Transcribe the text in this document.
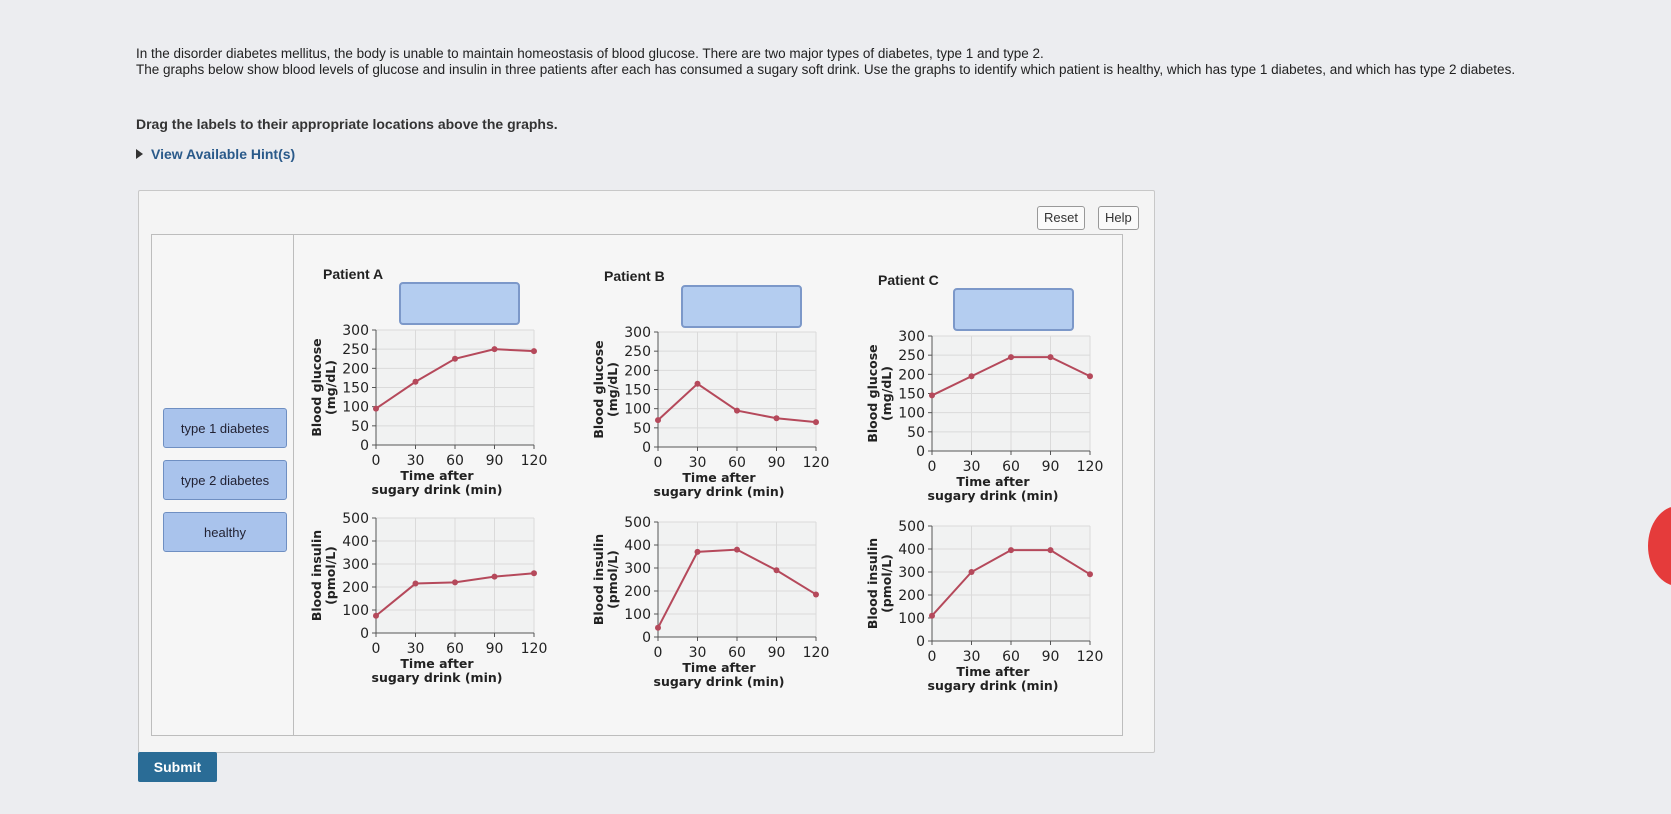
In the disorder diabetes mellitus, the body is unable to maintain homeostasis of blood glucose. There are two major types of diabetes, type 1 and type 2.

The graphs below show blood levels of glucose and insulin in three patients after each has consumed a sugary soft drink. Use the graphs to identify which patient is healthy, which has type 1 diabetes, and which has type 2 diabetes.

Drag the labels to their appropriate locations above the graphs.
View Available Hint(s)
Reset	Help
type 1 diabetes
type 2 diabetes
healthy
Patient A	Patient B	Patient C
0
50
100
150
200
250
300
0 30 60 90 120
Time after
sugary drink (min)
Blood glucose (mg/dL)
0
50
100
150
200
250
300
0 30 60 90 120
Time after
sugary drink (min)
Blood glucose (mg/dL)
0
50
100
150
200
250
300
0 30 60 90 120
Time after
sugary drink (min)
Blood glucose (mg/dL)
0
100
200
300
400
500
0 30 60 90 120
Time after
sugary drink (min)
Blood insulin (pmol/L)
0
100
200
300
400
500
0 30 60 90 120
Time after
sugary drink (min)
Blood insulin (pmol/L)
0
100
200
300
400
500
0 30 60 90 120
Time after
sugary drink (min)
Blood insulin (pmol/L)
Submit
